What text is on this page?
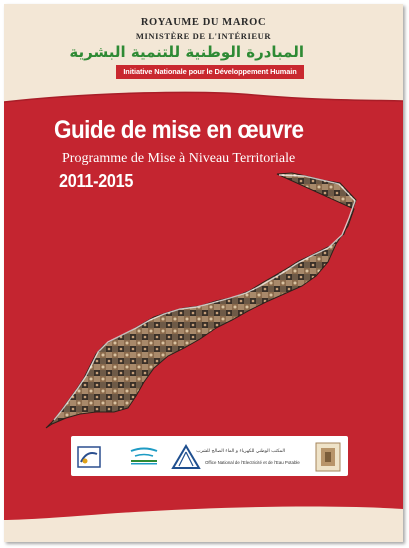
ROYAUME DU MAROC
MINISTÈRE DE L'INTÉRIEUR
المبادرة الوطنية للتنمية البشرية
Initiative Nationale pour le Développement Humain
Guide de mise en œuvre
Programme de Mise à Niveau Territoriale
2011-2015
المكتب الوطني للكهرباء و الماء الصالح للشرب
Office National de l'Electricité et de l'Eau Potable
